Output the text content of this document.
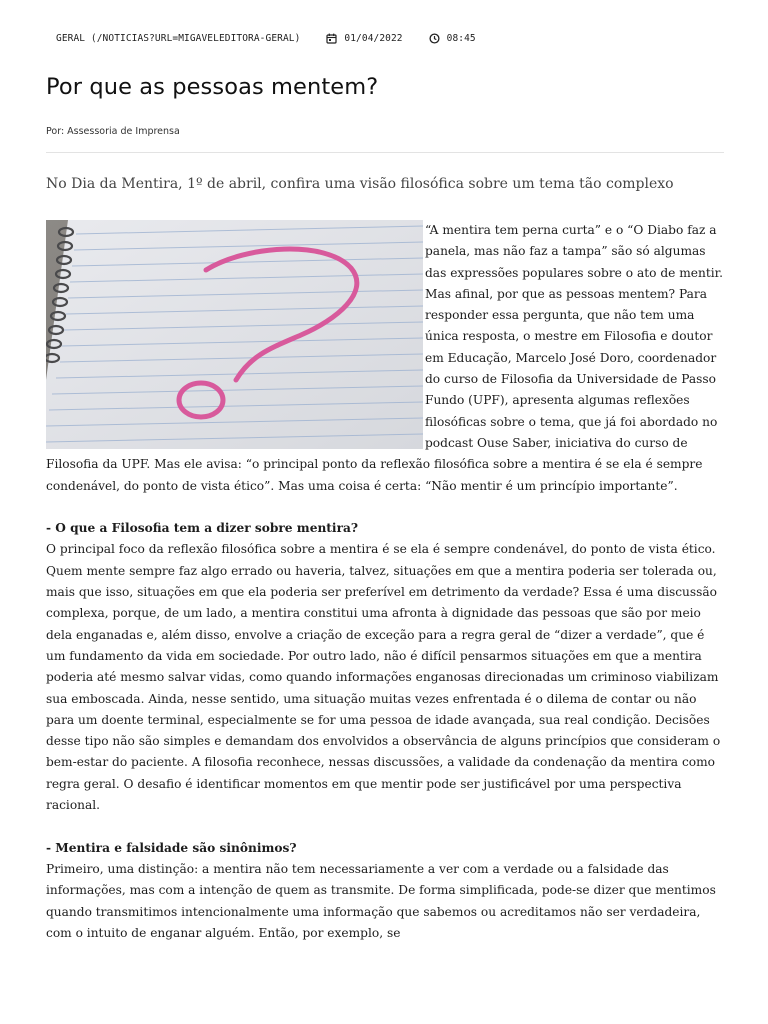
GERAL (/NOTICIAS?URL=MIGAVELEDITORA-GERAL)	01/04/2022	08:45
Por que as pessoas mentem?
Por: Assessoria de Imprensa
No Dia da Mentira, 1º de abril, confira uma visão filosófica sobre um tema tão complexo

“A mentira tem perna curta” e o “O Diabo faz a panela, mas não faz a tampa” são só algumas das expressões populares sobre o ato de mentir. Mas afinal, por que as pessoas mentem? Para responder essa pergunta, que não tem uma única resposta, o mestre em Filosofia e doutor em Educação, Marcelo José Doro, coordenador do curso de Filosofia da Universidade de Passo Fundo (UPF), apresenta algumas reflexões filosóficas sobre o tema, que já foi abordado no podcast Ouse Saber, iniciativa do curso de Filosofia da UPF. Mas ele avisa: “o principal ponto da reflexão filosófica sobre a mentira é se ela é sempre condenável, do ponto de vista ético”. Mas uma coisa é certa: “Não mentir é um princípio importante”.

- O que a Filosofia tem a dizer sobre mentira?

O principal foco da reflexão filosófica sobre a mentira é se ela é sempre condenável, do ponto de vista ético. Quem mente sempre faz algo errado ou haveria, talvez, situações em que a mentira poderia ser tolerada ou, mais que isso, situações em que ela poderia ser preferível em detrimento da verdade? Essa é uma discussão complexa, porque, de um lado, a mentira constitui uma afronta à dignidade das pessoas que são por meio dela enganadas e, além disso, envolve a criação de exceção para a regra geral de “dizer a verdade”, que é um fundamento da vida em sociedade. Por outro lado, não é difícil pensarmos situações em que a mentira poderia até mesmo salvar vidas, como quando informações enganosas direcionadas um criminoso viabilizam sua emboscada. Ainda, nesse sentido, uma situação muitas vezes enfrentada é o dilema de contar ou não para um doente terminal, especialmente se for uma pessoa de idade avançada, sua real condição. Decisões desse tipo não são simples e demandam dos envolvidos a observância de alguns princípios que consideram o bem-estar do paciente. A filosofia reconhece, nessas discussões, a validade da condenação da mentira como regra geral. O desafio é identificar momentos em que mentir pode ser justificável por uma perspectiva racional.

- Mentira e falsidade são sinônimos?

Primeiro, uma distinção: a mentira não tem necessariamente a ver com a verdade ou a falsidade das informações, mas com a intenção de quem as transmite. De forma simplificada, pode-se dizer que mentimos quando transmitimos intencionalmente uma informação que sabemos ou acreditamos não ser verdadeira, com o intuito de enganar alguém. Então, por exemplo, se
